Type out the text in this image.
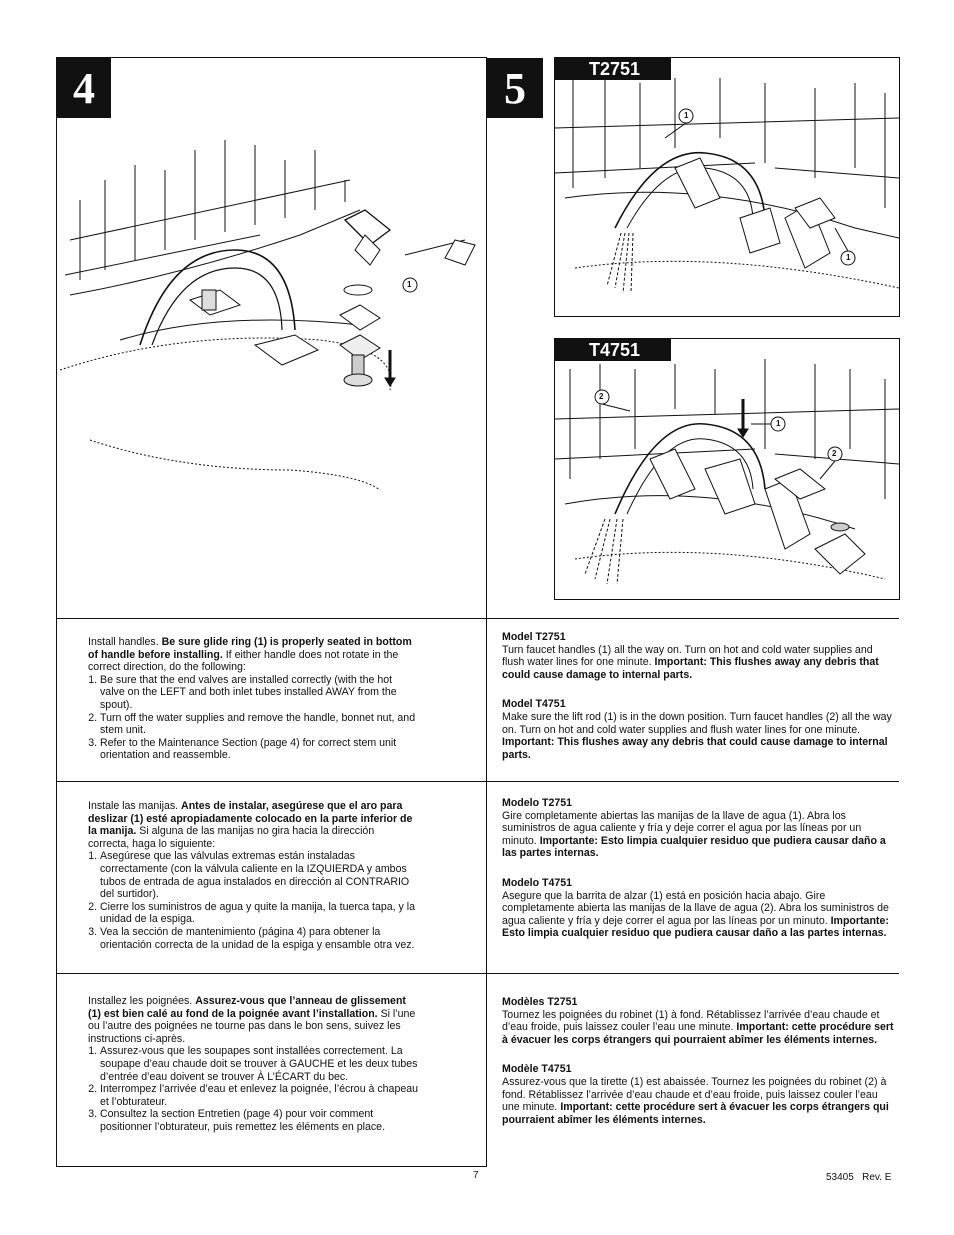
4
1
5	T2751
1
1
T4751
2
1
2

Install handles. Be sure glide ring (1) is properly seated in bottom of handle before installing. If either handle does not rotate in the correct direction, do the following:

1. Be sure that the end valves are installed correctly (with the hot valve on the LEFT and both inlet tubes installed AWAY from the spout).
2. Turn off the water supplies and remove the handle, bonnet nut, and stem unit.
3. Refer to the Maintenance Section (page 4) for correct stem unit orientation and reassemble.

Model T2751

Turn faucet handles (1) all the way on. Turn on hot and cold water supplies and flush water lines for one minute. Important: This flushes away any debris that could cause damage to internal parts.

Model T4751

Make sure the lift rod (1) is in the down position. Turn faucet handles (2) all the way on. Turn on hot and cold water supplies and flush water lines for one minute. Important: This flushes away any debris that could cause damage to internal parts.

Instale las manijas. Antes de instalar, asegúrese que el aro para deslizar (1) esté apropiadamente colocado en la parte inferior de la manija. Si alguna de las manijas no gira hacia la dirección correcta, haga lo siguiente:

1. Asegúrese que las válvulas extremas están instaladas correctamente (con la válvula caliente en la IZQUIERDA y ambos tubos de entrada de agua instalados en dirección al CONTRARIO del surtidor).
2. Cierre los suministros de agua y quite la manija, la tuerca tapa, y la unidad de la espiga.
3. Vea la sección de mantenimiento (página 4) para obtener la orientación correcta de la unidad de la espiga y ensamble otra vez.

Modelo T2751

Gire completamente abiertas las manijas de la llave de agua (1). Abra los suministros de agua caliente y fría y deje correr el agua por las líneas por un minuto. Importante: Esto limpia cualquier residuo que pudiera causar daño a las partes internas.

Modelo T4751

Asegure que la barrita de alzar (1) está en posición hacia abajo. Gire completamente abierta las manijas de la llave de agua (2). Abra los suministros de agua caliente y fría y deje correr el agua por las líneas por un minuto. Importante: Esto limpia cualquier residuo que pudiera causar daño a las partes internas.

Installez les poignées. Assurez-vous que l’anneau de glissement (1) est bien calé au fond de la poignée avant l’installation. Si l’une ou l’autre des poignées ne tourne pas dans le bon sens, suivez les instructions ci-après.

1. Assurez-vous que les soupapes sont installées correctement. La soupape d’eau chaude doit se trouver à GAUCHE et les deux tubes d’entrée d’eau doivent se trouver À L’ÉCART du bec.
2. Interrompez l’arrivée d’eau et enlevez la poignée, l’écrou à chapeau et l’obturateur.
3. Consultez la section Entretien (page 4) pour voir comment positionner l’obturateur, puis remettez les éléments en place.

Modèles T2751

Tournez les poignées du robinet (1) à fond. Rétablissez l’arrivée d’eau chaude et d’eau froide, puis laissez couler l’eau une minute. Important: cette procédure sert à évacuer les corps étrangers qui pourraient abîmer les éléments internes.

Modèle T4751

Assurez-vous que la tirette (1) est abaissée. Tournez les poignées du robinet (2) à fond. Rétablissez l’arrivée d’eau chaude et d’eau froide, puis laissez couler l’eau une minute. Important: cette procédure sert à évacuer les corps étrangers qui pourraient abîmer les éléments internes.

7	53405   Rev. E
